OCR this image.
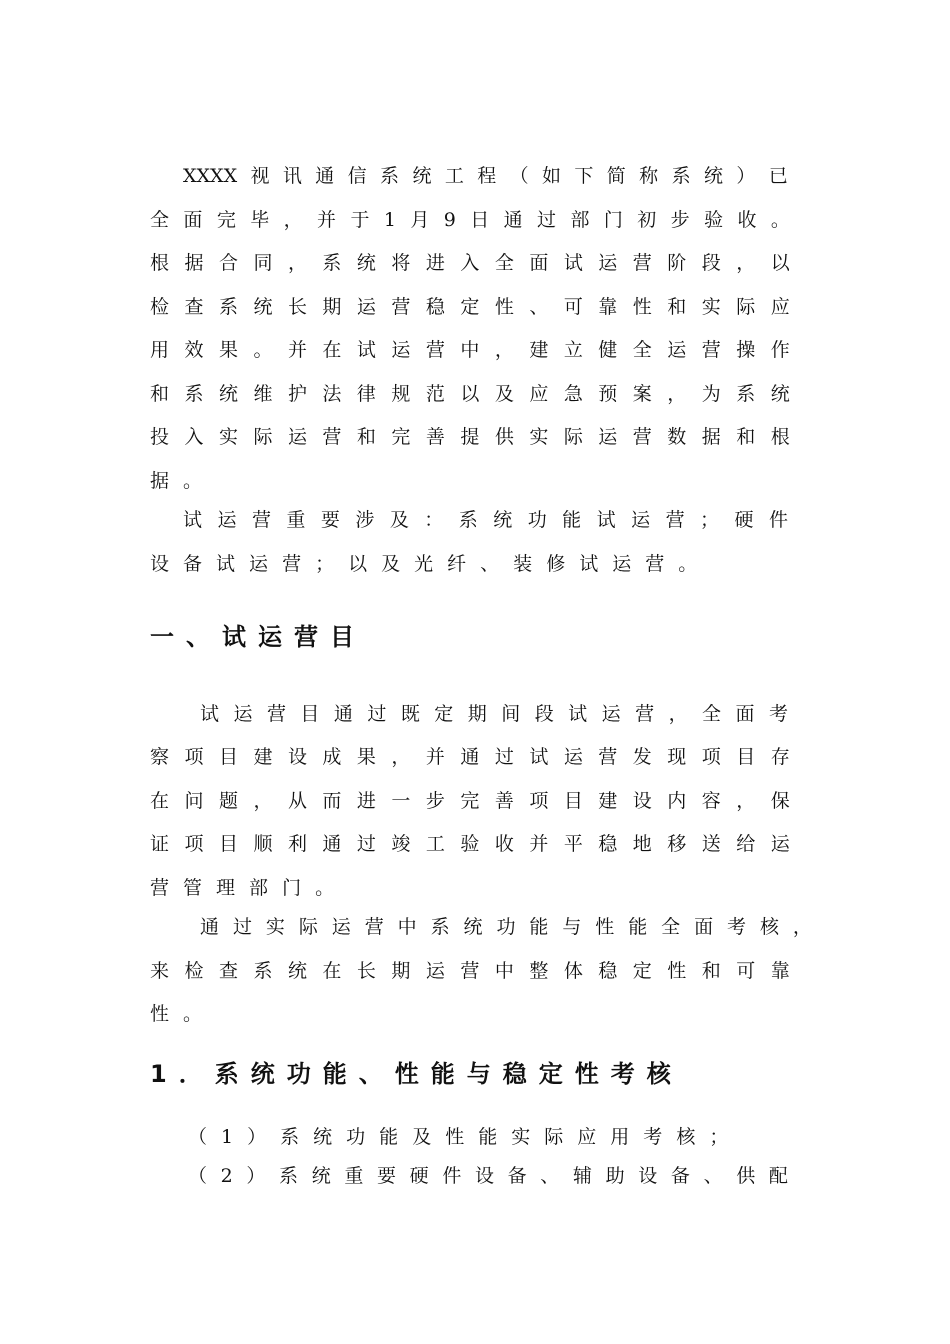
XXXX 视 讯 通 信 系 统 工 程 （ 如 下 简 称 系 统 ） 已
全 面 完 毕 ， 并 于 1 月 9 日 通 过 部 门 初 步 验 收 。
根 据 合 同 ， 系 统 将 进 入 全 面 试 运 营 阶 段 ， 以
检 查 系 统 长 期 运 营 稳 定 性 、 可 靠 性 和 实 际 应
用 效 果 。 并 在 试 运 营 中 ， 建 立 健 全 运 营 操 作
和 系 统 维 护 法 律 规 范 以 及 应 急 预 案 ， 为 系 统
投 入 实 际 运 营 和 完 善 提 供 实 际 运 营 数 据 和 根
据 。
试 运 营 重 要 涉 及 ： 系 统 功 能 试 运 营 ； 硬 件
设 备 试 运 营 ； 以 及 光 纤 、 装 修 试 运 营 。
一 、 试 运 营 目
试 运 营 目 通 过 既 定 期 间 段 试 运 营 ， 全 面 考
察 项 目 建 设 成 果 ， 并 通 过 试 运 营 发 现 项 目 存
在 问 题 ， 从 而 进 一 步 完 善 项 目 建 设 内 容 ， 保
证 项 目 顺 利 通 过 竣 工 验 收 并 平 稳 地 移 送 给 运
营 管 理 部 门 。
通 过 实 际 运 营 中 系 统 功 能 与 性 能 全 面 考 核 ，
来 检 查 系 统 在 长 期 运 营 中 整 体 稳 定 性 和 可 靠
性 。
1 ． 系 统 功 能 、 性 能 与 稳 定 性 考 核
（ 1 ） 系 统 功 能 及 性 能 实 际 应 用 考 核 ；
（ 2 ） 系 统 重 要 硬 件 设 备 、 辅 助 设 备 、 供 配
